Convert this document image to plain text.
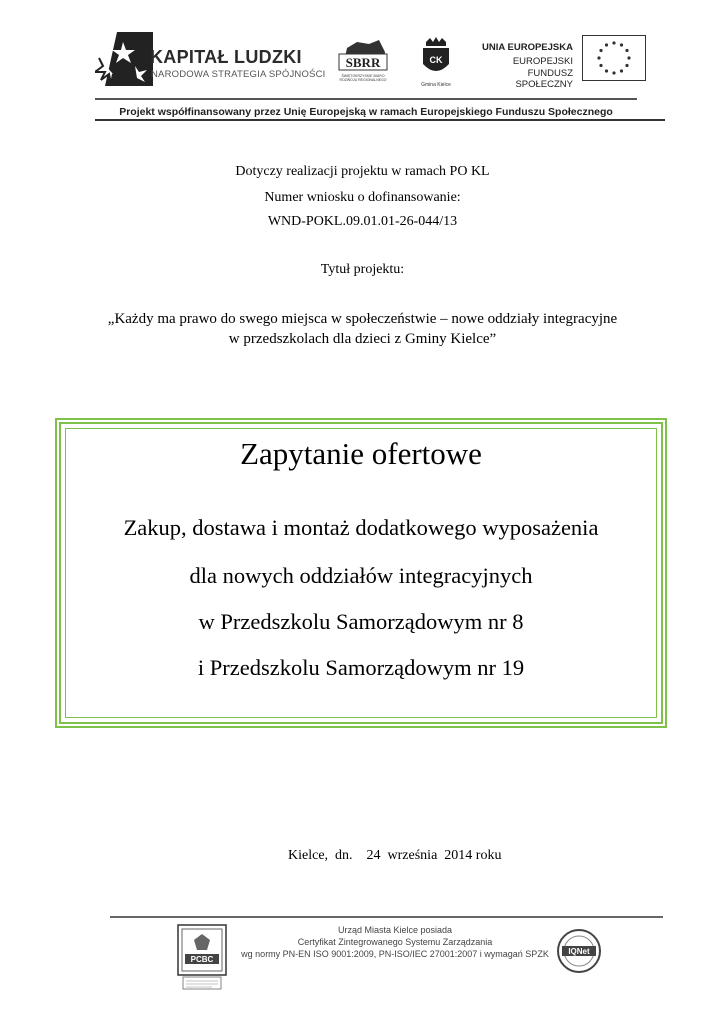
KAPITAŁ LUDZKI
NARODOWA STRATEGIA SPÓJNOŚCI
SBRR
ŚWIĘTOKRZYSKIE BIURO ROZWOJU REGIONALNEGO
CK
Gmina Kielce
UNIA EUROPEJSKA
EUROPEJSKI
FUNDUSZ SPOŁECZNY
Projekt współfinansowany przez Unię Europejską w ramach Europejskiego Funduszu Społecznego
Dotyczy realizacji projektu w ramach PO KL
Numer wniosku o dofinansowanie:
WND-POKL.09.01.01-26-044/13
Tytuł projektu:
„Każdy ma prawo do swego miejsca w społeczeństwie – nowe oddziały integracyjne
w przedszkolach dla dzieci z Gminy Kielce”
Zapytanie ofertowe
Zakup, dostawa i montaż dodatkowego wyposażenia
dla nowych oddziałów integracyjnych
w Przedszkolu Samorządowym nr 8
i Przedszkolu Samorządowym nr 19
Kielce,  dn.    24  września  2014 roku
PCBC
Urząd Miasta Kielce posiada
Certyfikat Zintegrowanego Systemu Zarządzania
wg normy PN-EN ISO 9001:2009, PN-ISO/IEC 27001:2007 i wymagań SPZK IQNet
